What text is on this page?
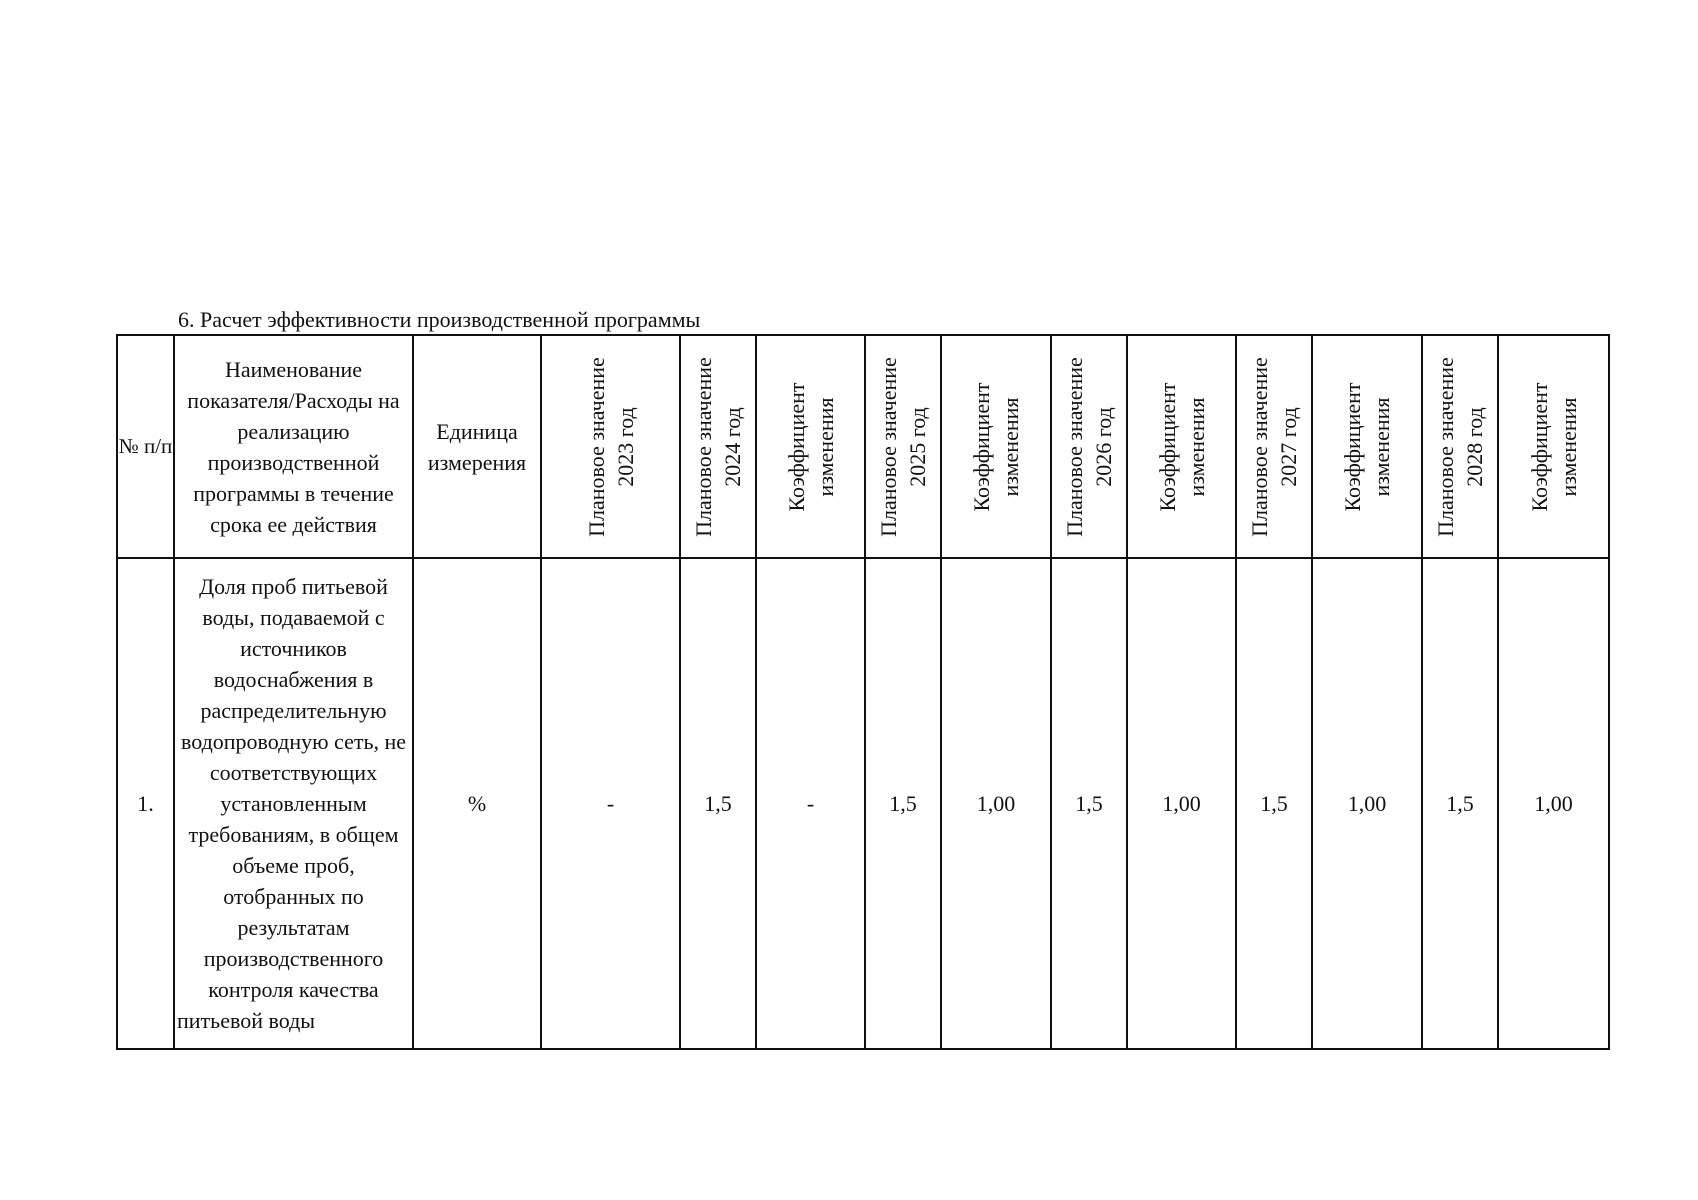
6. Расчет эффективности производственной программы
№ п/п	Наименование показателя/Расходы на реализацию производственной программы в течение срока ее действия	Единица измерения	Плановое значение 2023 год	Плановое значение 2024 год	Коэффициент изменения	Плановое значение 2025 год	Коэффициент изменения	Плановое значение 2026 год	Коэффициент изменения	Плановое значение 2027 год	Коэффициент изменения	Плановое значение 2028 год	Коэффициент изменения

1.	Доля проб питьевой воды, подаваемой с источников водоснабжения в распределительную водопроводную сеть, не соответствующих установленным требованиям, в общем объеме проб, отобранных по результатам производственного контроля качества питьевой воды	%	-	1,5	-	1,5	1,00	1,5	1,00	1,5	1,00	1,5	1,00
